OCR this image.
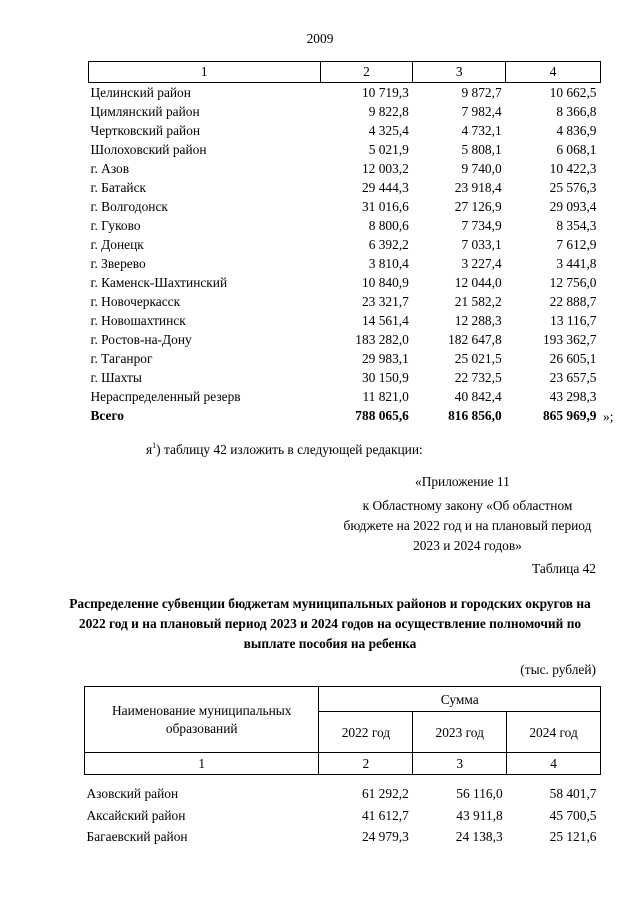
2009
1	2	3	4
Целинский район	10 719,3	9 872,7	10 662,5
Цимлянский район	9 822,8	7 982,4	8 366,8
Чертковский район	4 325,4	4 732,1	4 836,9
Шолоховский район	5 021,9	5 808,1	6 068,1
г. Азов	12 003,2	9 740,0	10 422,3
г. Батайск	29 444,3	23 918,4	25 576,3
г. Волгодонск	31 016,6	27 126,9	29 093,4
г. Гуково	8 800,6	7 734,9	8 354,3
г. Донецк	6 392,2	7 033,1	7 612,9
г. Зверево	3 810,4	3 227,4	3 441,8
г. Каменск-Шахтинский	10 840,9	12 044,0	12 756,0
г. Новочеркасск	23 321,7	21 582,2	22 888,7
г. Новошахтинск	14 561,4	12 288,3	13 116,7
г. Ростов-на-Дону	183 282,0	182 647,8	193 362,7
г. Таганрог	29 983,1	25 021,5	26 605,1
г. Шахты	30 150,9	22 732,5	23 657,5
Нераспределенный резерв	11 821,0	40 842,4	43 298,3
Всего	788 065,6	816 856,0	865 969,9 »;
$я^1$) таблицу 42 изложить в следующей редакции:
«Приложение 11
к Областному закону «Об областном бюджете на 2022 год и на плановый период 2023 и 2024 годов»
Таблица 42
Распределение субвенции бюджетам муниципальных районов и городских округов на 2022 год и на плановый период 2023 и 2024 годов на осуществление полномочий по выплате пособия на ребенка
(тыс. рублей)
Наименование муниципальных образований	Сумма		
	2022 год	2023 год	2024 год
1	2	3	4

Азовский район	61 292,2	56 116,0	58 401,7
Аксайский район	41 612,7	43 911,8	45 700,5
Багаевский район	24 979,3	24 138,3	25 121,6
